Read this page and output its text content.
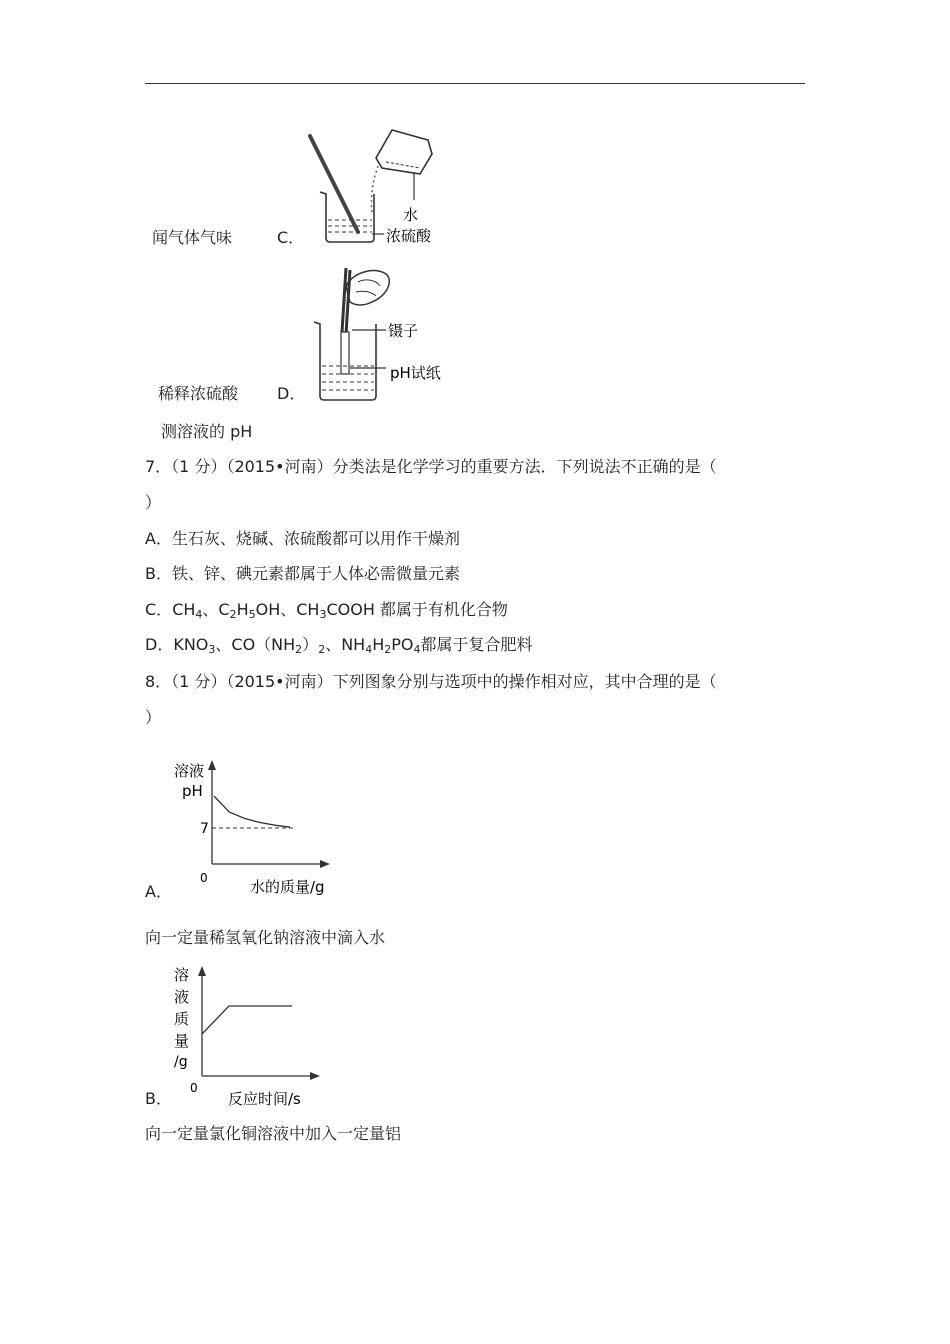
闻气体气味	C．
水
浓硫酸
稀释浓硫酸 D．
镊子
pH试纸
测溶液的 pH
7．（1 分）（2015•河南）分类法是化学学习的重要方法．下列说法不正确的是（
）
A．生石灰、烧碱、浓硫酸都可以用作干燥剂
B．铁、锌、碘元素都属于人体必需微量元素
C．$CH_4$、$C_2H_5OH$、$CH_3COOH$ 都属于有机化合物
D．$KNO_3$、$CO(NH_2)_2$、$NH_4H_2PO_4$都属于复合肥料
8．（1 分）（2015•河南）下列图象分别与选项中的操作相对应，其中合理的是（
）
A．
溶液
pH
7
0	水的质量/g
向一定量稀氢氧化钠溶液中滴入水
B．
溶
液
质
量
/g
0
反应时间/s
向一定量氯化铜溶液中加入一定量铝
